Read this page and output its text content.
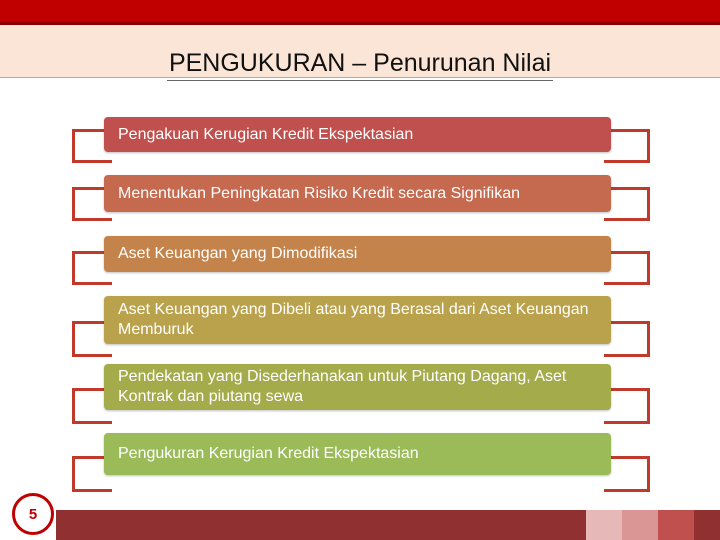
PENGUKURAN – Penurunan Nilai
Pengakuan Kerugian Kredit Ekspektasian
Menentukan Peningkatan Risiko Kredit secara Signifikan
Aset Keuangan yang Dimodifikasi
Aset Keuangan yang Dibeli atau yang Berasal dari Aset Keuangan Memburuk
Pendekatan yang Disederhanakan untuk Piutang Dagang, Aset Kontrak dan piutang sewa
Pengukuran Kerugian Kredit Ekspektasian
5
